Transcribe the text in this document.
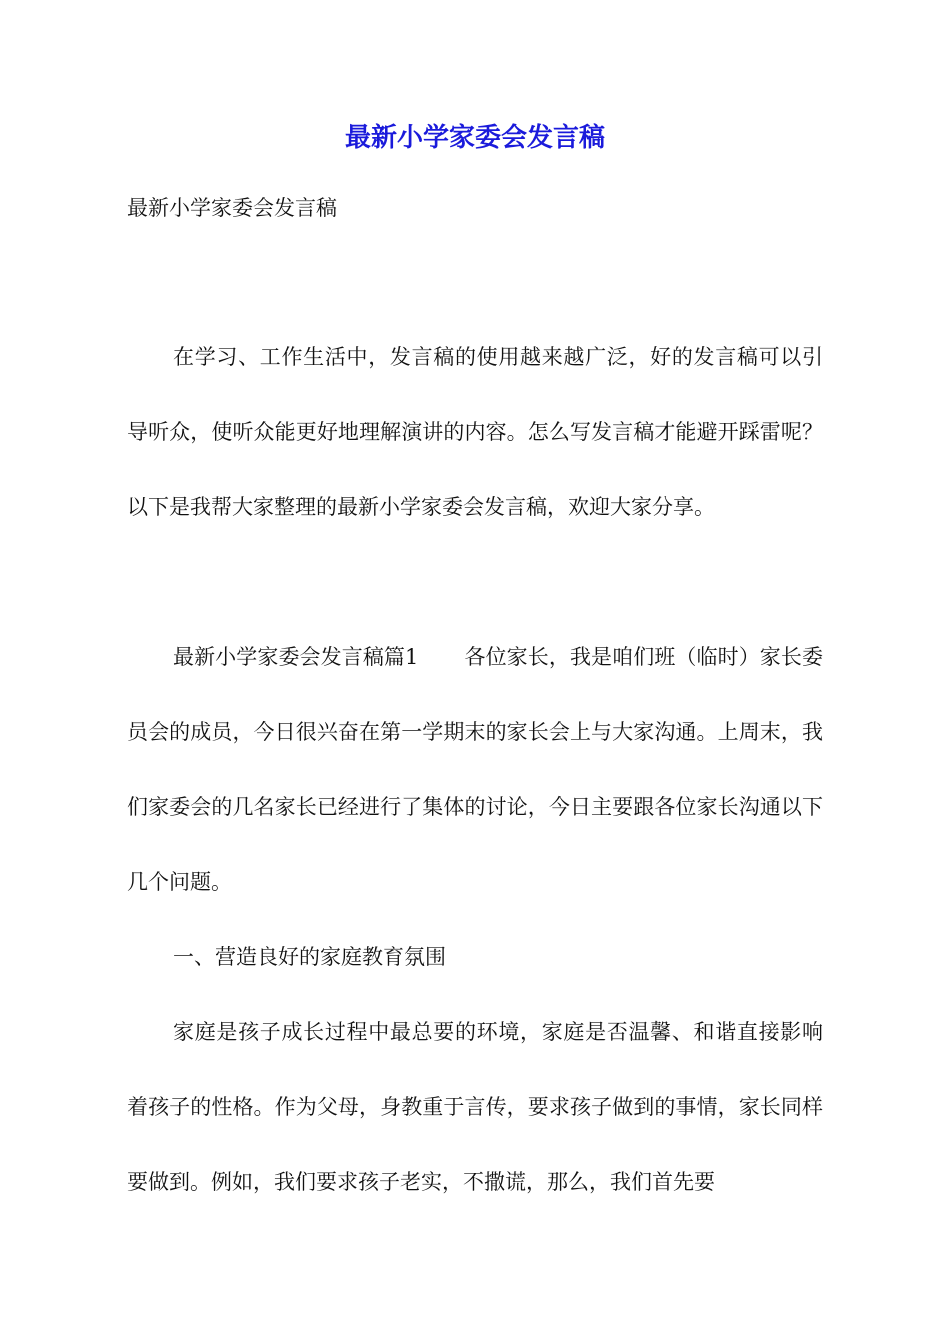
最新小学家委会发言稿

最新小学家委会发言稿

在学习、工作生活中，发言稿的使用越来越广泛，好的发言稿可以引导听众，使听众能更好地理解演讲的内容。怎么写发言稿才能避开踩雷呢？以下是我帮大家整理的最新小学家委会发言稿，欢迎大家分享。

最新小学家委会发言稿篇1 各位家长，我是咱们班（临时）家长委员会的成员，今日很兴奋在第一学期末的家长会上与大家沟通。上周末，我们家委会的几名家长已经进行了集体的讨论，今日主要跟各位家长沟通以下几个问题。

一、营造良好的家庭教育氛围

家庭是孩子成长过程中最总要的环境，家庭是否温馨、和谐直接影响着孩子的性格。作为父母，身教重于言传，要求孩子做到的事情，家长同样要做到。例如，我们要求孩子老实，不撒谎，那么，我们首先要
